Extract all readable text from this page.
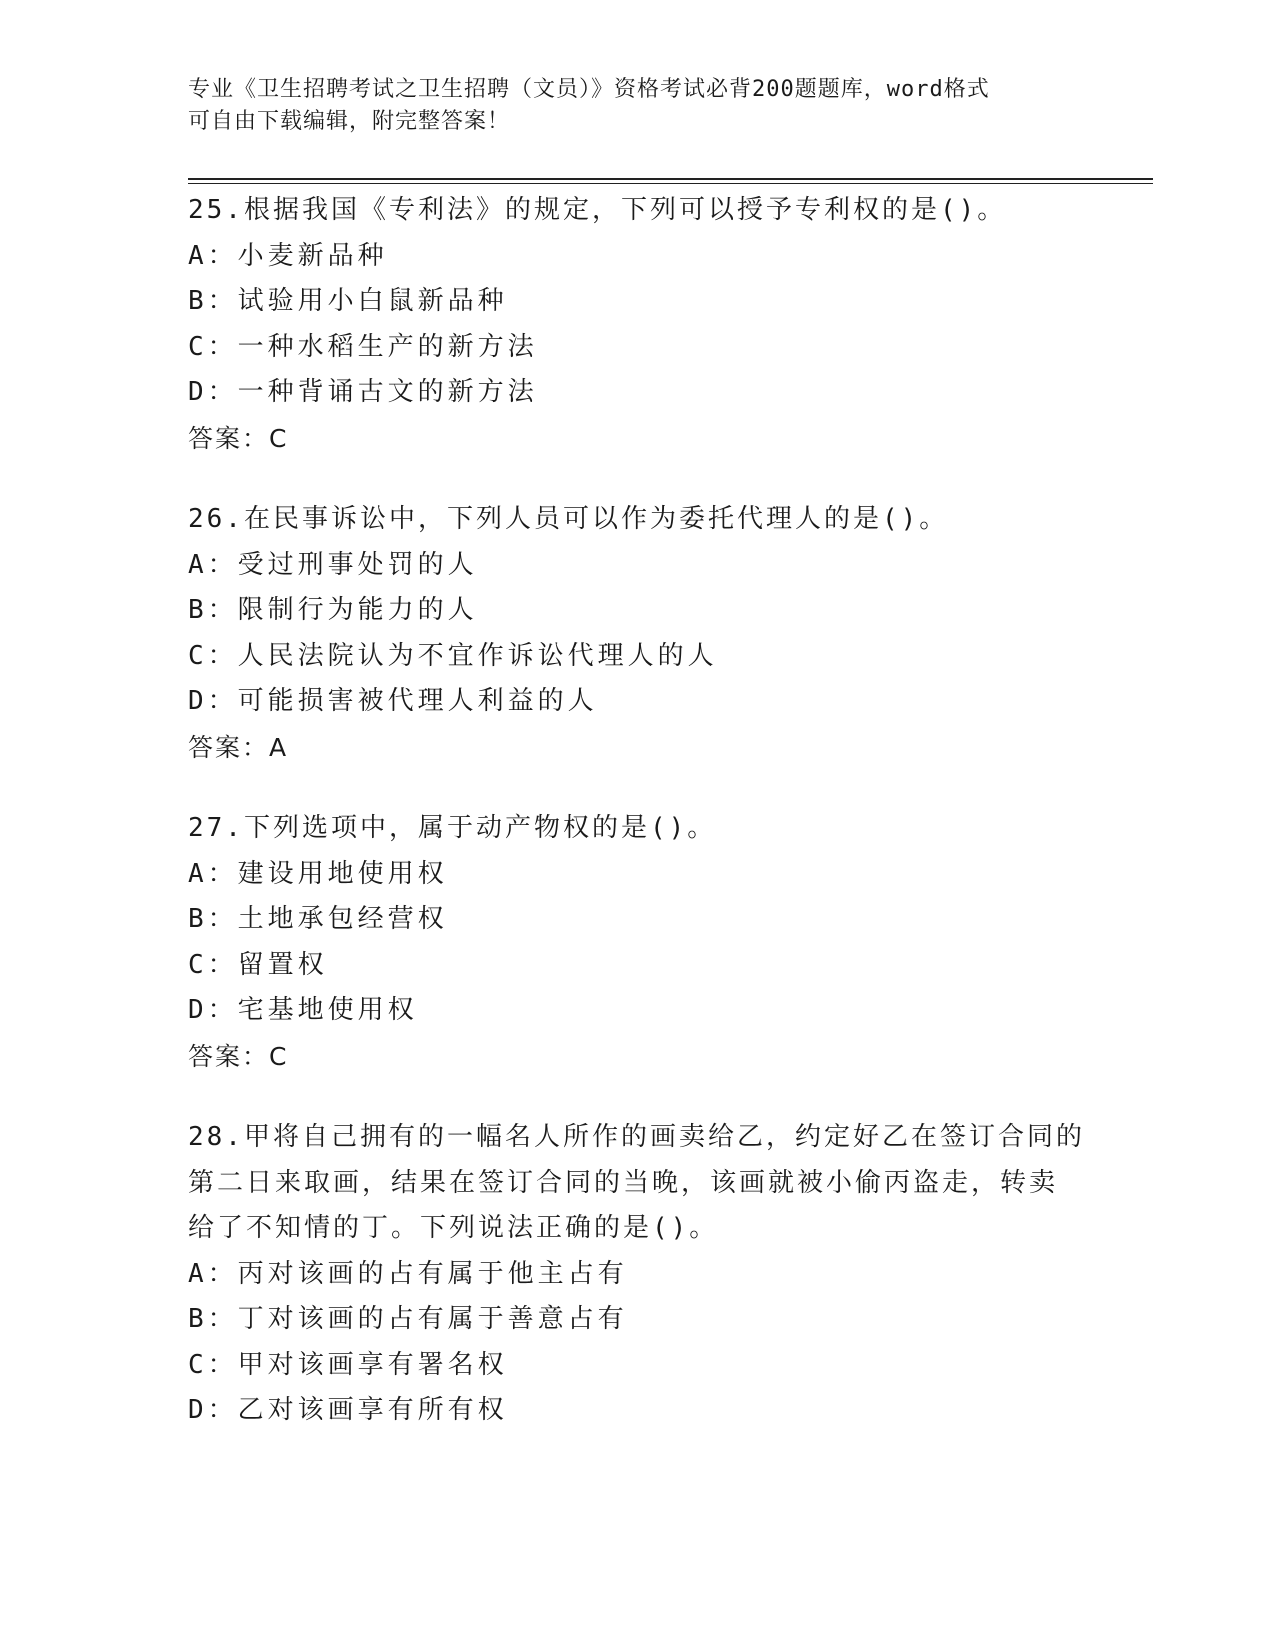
专业《卫生招聘考试之卫生招聘（文员）》资格考试必背200题题库，word格式

可自由下载编辑，附完整答案！

25.根据我国《专利法》的规定，下列可以授予专利权的是()。

A：小麦新品种

B：试验用小白鼠新品种

C：一种水稻生产的新方法

D：一种背诵古文的新方法

答案：C

26.在民事诉讼中，下列人员可以作为委托代理人的是()。

A：受过刑事处罚的人

B：限制行为能力的人

C：人民法院认为不宜作诉讼代理人的人

D：可能损害被代理人利益的人

答案：A

27.下列选项中，属于动产物权的是()。

A：建设用地使用权

B：土地承包经营权

C：留置权

D：宅基地使用权

答案：C

28.甲将自己拥有的一幅名人所作的画卖给乙，约定好乙在签订合同的

第二日来取画，结果在签订合同的当晚，该画就被小偷丙盗走，转卖

给了不知情的丁。下列说法正确的是()。

A：丙对该画的占有属于他主占有

B：丁对该画的占有属于善意占有

C：甲对该画享有署名权

D：乙对该画享有所有权
